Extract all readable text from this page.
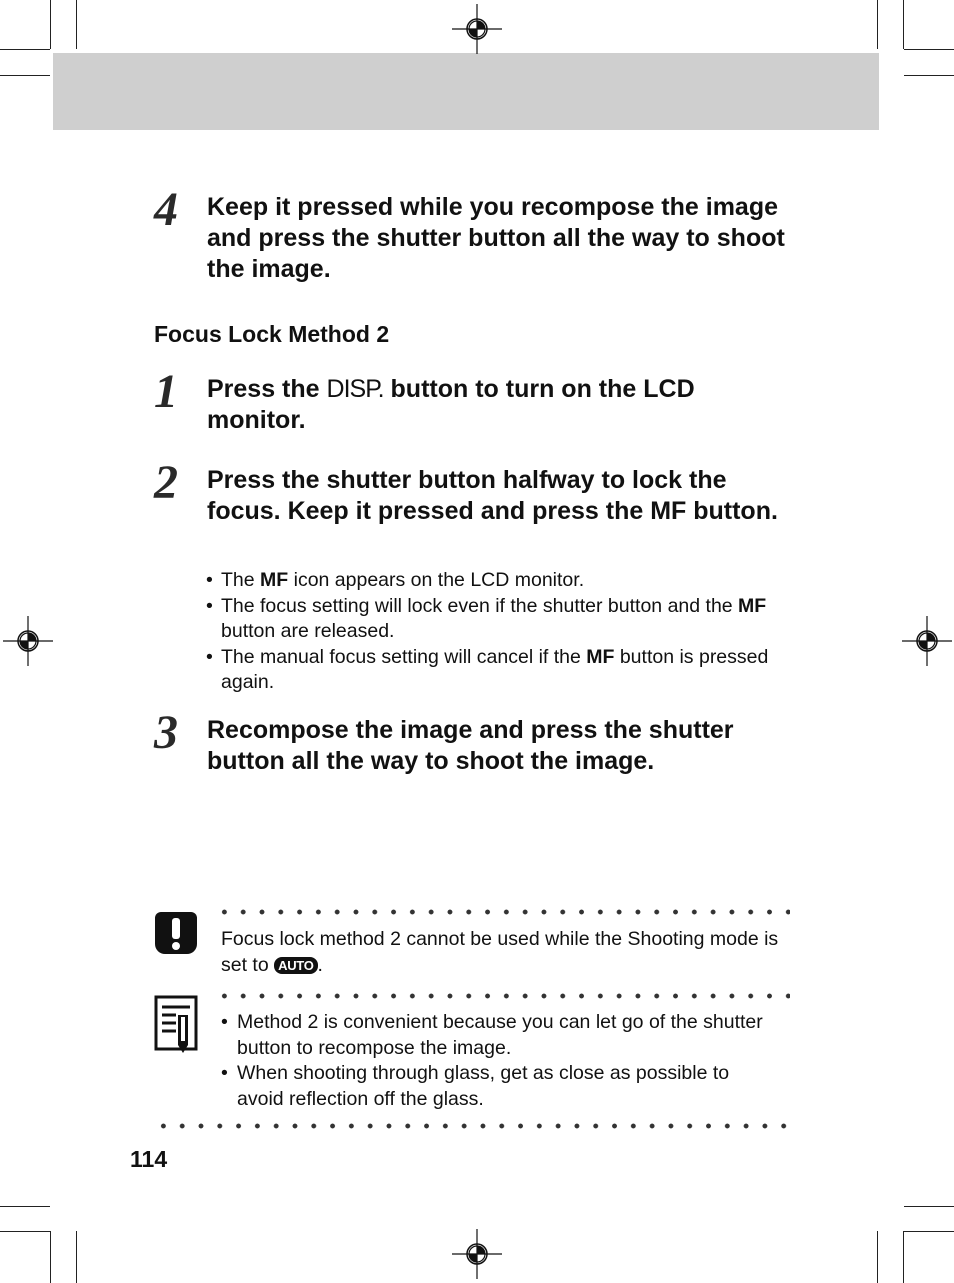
4	Keep it pressed while you recompose the image and press the shutter button all the way to shoot the image.
Focus Lock Method 2
1	Press the DISP. button to turn on the LCD monitor.
2	Press the shutter button halfway to lock the focus. Keep it pressed and press the MF button.
• The MF icon appears on the LCD monitor.
• The focus setting will lock even if the shutter button and the MF button are released.
• The manual focus setting will cancel if the MF button is pressed again.
3	Recompose the image and press the shutter button all the way to shoot the image.
Focus lock method 2 cannot be used while the Shooting mode is set to AUTO .
• Method 2 is convenient because you can let go of the shutter button to recompose the image.
• When shooting through glass, get as close as possible to avoid reflection off the glass.
114
